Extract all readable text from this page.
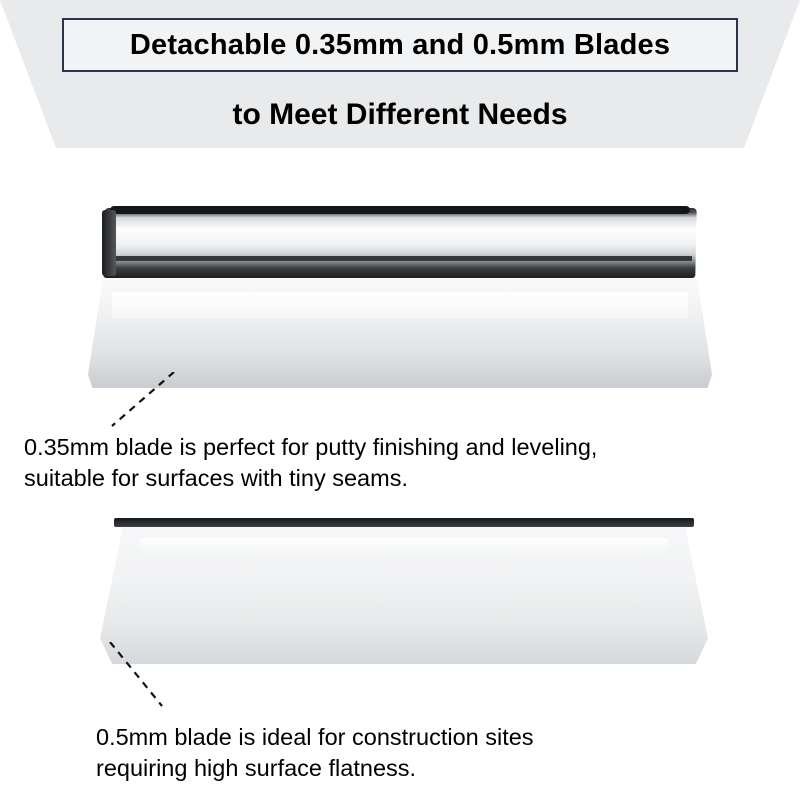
Detachable 0.35mm and 0.5mm Blades
to Meet Different Needs
0.35mm blade is perfect for putty finishing and leveling,
suitable for surfaces with tiny seams.
0.5mm blade is ideal for construction sites
requiring high surface flatness.
